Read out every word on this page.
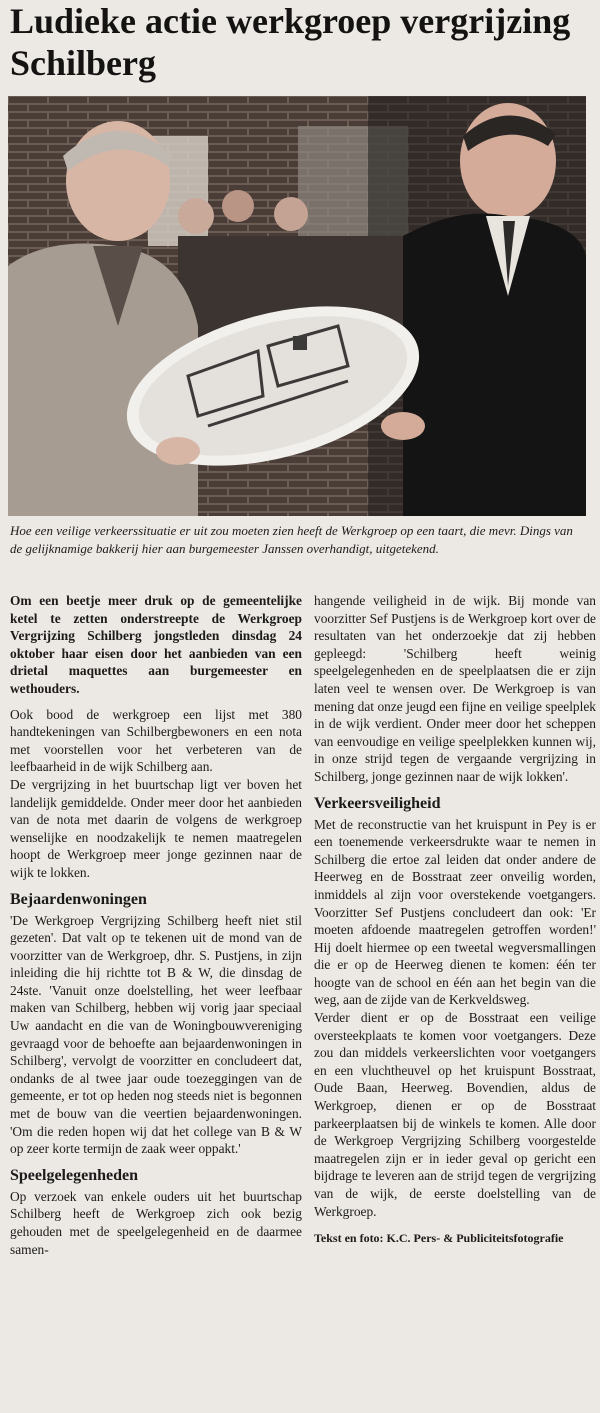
Ludieke actie werkgroep vergrijzing Schilberg
Hoe een veilige verkeerssituatie er uit zou moeten zien heeft de Werkgroep op een taart, die mevr. Dings van de gelijknamige bakkerij hier aan burgemeester Janssen overhandigt, uitgetekend.

Om een beetje meer druk op de gemeentelijke ketel te zetten onderstreepte de Werkgroep Vergrijzing Schilberg jongstleden dinsdag 24 oktober haar eisen door het aanbieden van een drietal maquettes aan burgemeester en wethouders.

Ook bood de werkgroep een lijst met 380 handtekeningen van Schilbergbewoners en een nota met voorstellen voor het verbeteren van de leefbaarheid in de wijk Schilberg aan.

De vergrijzing in het buurtschap ligt ver boven het landelijk gemiddelde. Onder meer door het aanbieden van de nota met daarin de volgens de werkgroep wenselijke en noodzakelijk te nemen maatregelen hoopt de Werkgroep meer jonge gezinnen naar de wijk te lokken.

Bejaardenwoningen

'De Werkgroep Vergrijzing Schilberg heeft niet stil gezeten'. Dat valt op te tekenen uit de mond van de voorzitter van de Werkgroep, dhr. S. Pustjens, in zijn inleiding die hij richtte tot B & W, die dinsdag de 24ste. 'Vanuit onze doelstelling, het weer leefbaar maken van Schilberg, hebben wij vorig jaar speciaal Uw aandacht en die van de Woningbouwvereniging gevraagd voor de behoefte aan bejaardenwoningen in Schilberg', vervolgt de voorzitter en concludeert dat, ondanks de al twee jaar oude toezeggingen van de gemeente, er tot op heden nog steeds niet is begonnen met de bouw van die veertien bejaardenwoningen. 'Om die reden hopen wij dat het college van B & W op zeer korte termijn de zaak weer oppakt.'

Speelgelegenheden

Op verzoek van enkele ouders uit het buurtschap Schilberg heeft de Werkgroep zich ook bezig gehouden met de speelgelegenheid en de daarmee samen-

hangende veiligheid in de wijk. Bij monde van voorzitter Sef Pustjens is de Werkgroep kort over de resultaten van het onderzoekje dat zij hebben gepleegd: 'Schilberg heeft weinig speelgelegenheden en de speelplaatsen die er zijn laten veel te wensen over. De Werkgroep is van mening dat onze jeugd een fijne en veilige speelplek in de wijk verdient. Onder meer door het scheppen van eenvoudige en veilige speelplekken kunnen wij, in onze strijd tegen de vergaande vergrijzing in Schilberg, jonge gezinnen naar de wijk lokken'.

Verkeersveiligheid

Met de reconstructie van het kruispunt in Pey is er een toenemende verkeersdrukte waar te nemen in Schilberg die ertoe zal leiden dat onder andere de Heerweg en de Bosstraat zeer onveilig worden, inmiddels al zijn voor overstekende voetgangers. Voorzitter Sef Pustjens concludeert dan ook: 'Er moeten afdoende maatregelen getroffen worden!' Hij doelt hiermee op een tweetal wegversmallingen die er op de Heerweg dienen te komen: één ter hoogte van de school en één aan het begin van die weg, aan de zijde van de Kerkveldsweg.

Verder dient er op de Bosstraat een veilige oversteekplaats te komen voor voetgangers. Deze zou dan middels verkeerslichten voor voetgangers en een vluchtheuvel op het kruispunt Bosstraat, Oude Baan, Heerweg. Bovendien, aldus de Werkgroep, dienen er op de Bosstraat parkeerplaatsen bij de winkels te komen. Alle door de Werkgroep Vergrijzing Schilberg voorgestelde maatregelen zijn er in ieder geval op gericht een bijdrage te leveren aan de strijd tegen de vergrijzing van de wijk, de eerste doelstelling van de Werkgroep.

Tekst en foto: K.C. Pers- & Publiciteitsfotografie
